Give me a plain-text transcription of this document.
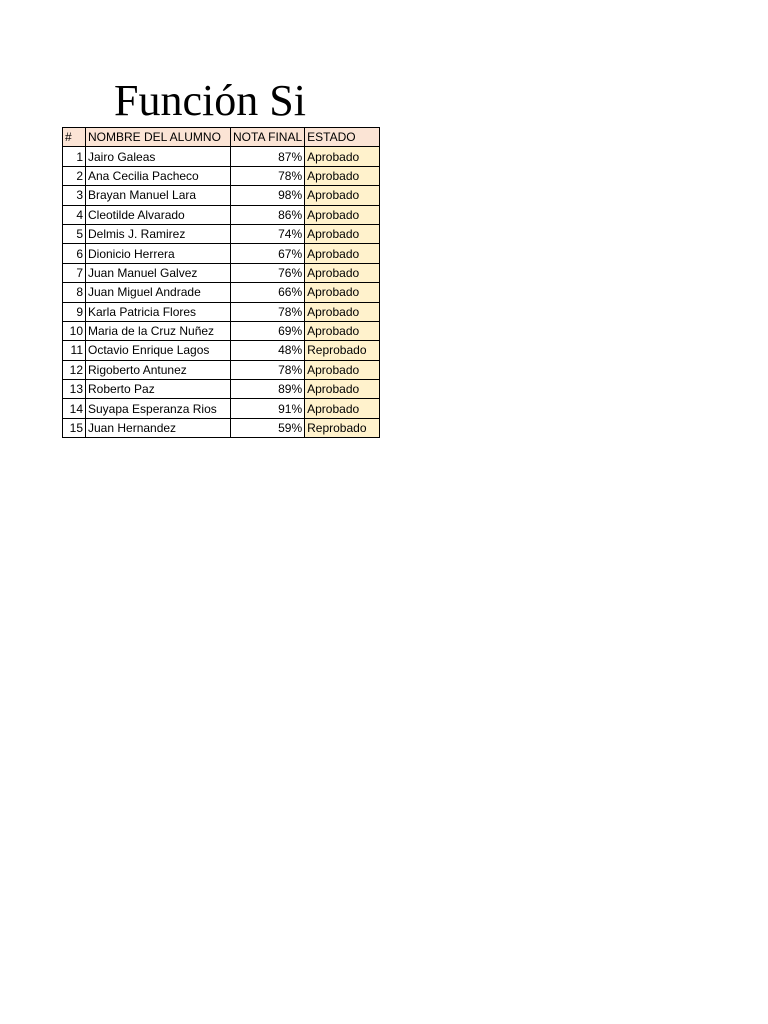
Función Si
#	NOMBRE DEL ALUMNO	NOTA FINAL	ESTADO
1	Jairo Galeas	87%	Aprobado
2	Ana Cecilia Pacheco	78%	Aprobado
3	Brayan Manuel Lara	98%	Aprobado
4	Cleotilde Alvarado	86%	Aprobado
5	Delmis J. Ramirez	74%	Aprobado
6	Dionicio Herrera	67%	Aprobado
7	Juan Manuel Galvez	76%	Aprobado
8	Juan Miguel Andrade	66%	Aprobado
9	Karla Patricia Flores	78%	Aprobado
10	Maria de la Cruz Nuñez	69%	Aprobado
11	Octavio Enrique Lagos	48%	Reprobado
12	Rigoberto Antunez	78%	Aprobado
13	Roberto Paz	89%	Aprobado
14	Suyapa Esperanza Rios	91%	Aprobado
15	Juan Hernandez	59%	Reprobado
